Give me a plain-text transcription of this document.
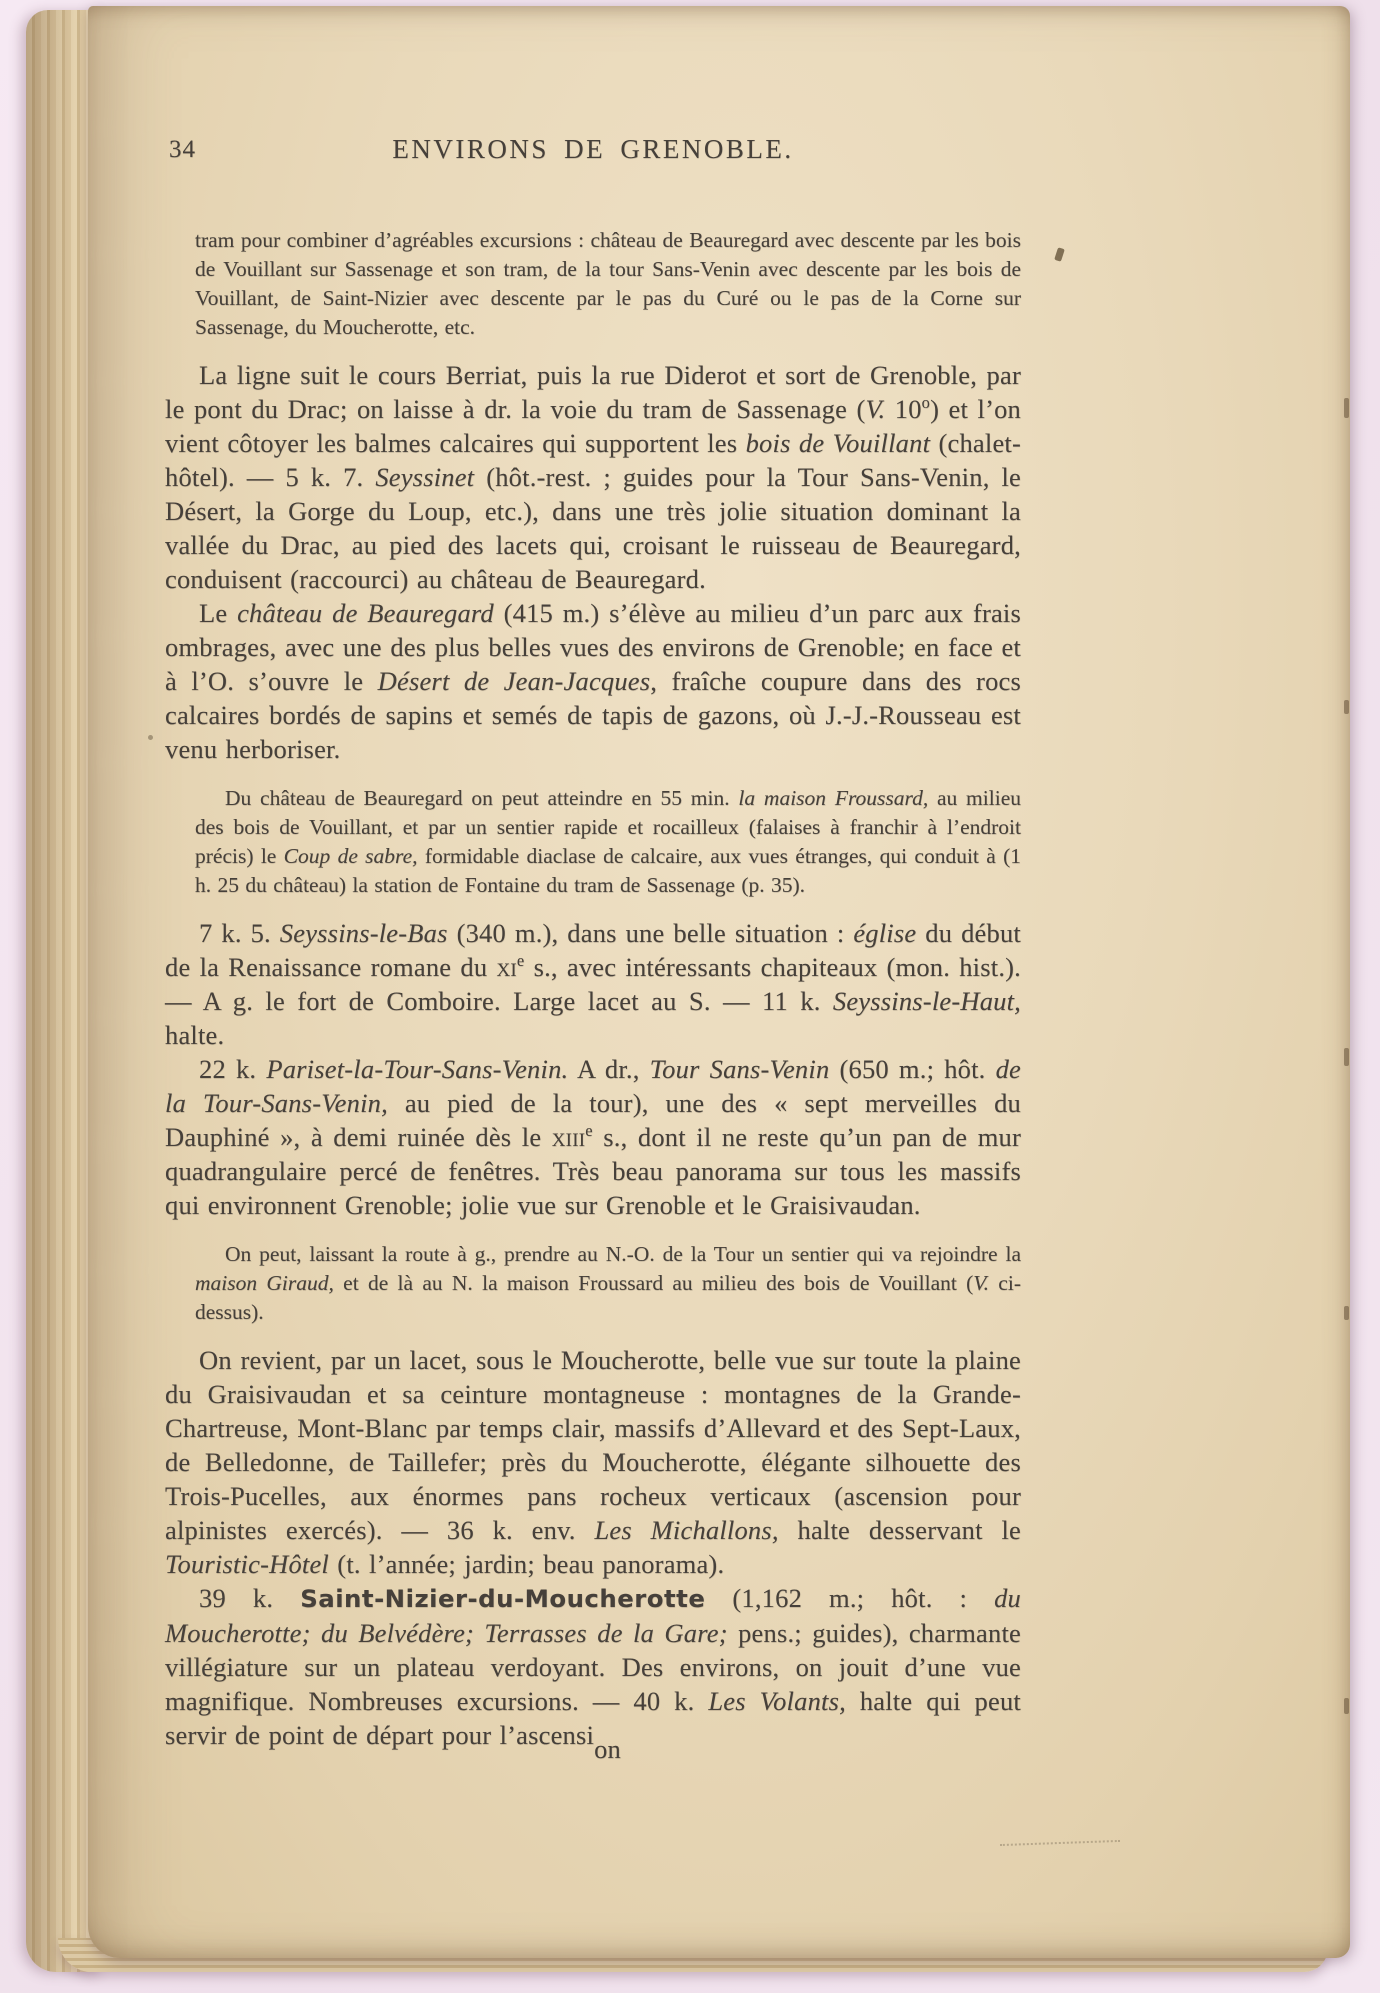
34	ENVIRONS DE GRENOBLE.

tram pour combiner d’agréables excursions : château de Beauregard avec descente par les bois de Vouillant sur Sassenage et son tram, de la tour Sans-Venin avec descente par les bois de Vouillant, de Saint-Nizier avec descente par le pas du Curé ou le pas de la Corne sur Sassenage, du Moucherotte, etc.

La ligne suit le cours Berriat, puis la rue Diderot et sort de Grenoble, par le pont du Drac; on laisse à dr. la voie du tram de Sassenage (V. 10$^o$) et l’on vient côtoyer les balmes calcaires qui supportent les bois de Vouillant (chalet-hôtel). — 5 k. 7. Seyssinet (hôt.-rest. ; guides pour la Tour Sans-Venin, le Désert, la Gorge du Loup, etc.), dans une très jolie situation dominant la vallée du Drac, au pied des lacets qui, croisant le ruisseau de Beauregard, conduisent (raccourci) au château de Beauregard.

Le château de Beauregard (415 m.) s’élève au milieu d’un parc aux frais ombrages, avec une des plus belles vues des environs de Grenoble; en face et à l’O. s’ouvre le Désert de Jean-Jacques, fraîche coupure dans des rocs calcaires bordés de sapins et semés de tapis de gazons, où J.-J.-Rousseau est venu herboriser.

Du château de Beauregard on peut atteindre en 55 min. la maison Froussard, au milieu des bois de Vouillant, et par un sentier rapide et rocailleux (falaises à franchir à l’endroit précis) le Coup de sabre, formidable diaclase de calcaire, aux vues étranges, qui conduit à (1 h. 25 du château) la station de Fontaine du tram de Sassenage (p. 35).

7 k. 5. Seyssins-le-Bas (340 m.), dans une belle situation : église du début de la Renaissance romane du $xi^e$ s., avec intéressants chapiteaux (mon. hist.). — A g. le fort de Comboire. Large lacet au S. — 11 k. Seyssins-le-Haut, halte.

22 k. Pariset-la-Tour-Sans-Venin. A dr., Tour Sans-Venin (650 m.; hôt. de la Tour-Sans-Venin, au pied de la tour), une des « sept merveilles du Dauphiné », à demi ruinée dès le xiii$^e$ s., dont il ne reste qu’un pan de mur quadrangulaire percé de fenêtres. Très beau panorama sur tous les massifs qui environnent Grenoble; jolie vue sur Grenoble et le Graisivaudan.

On peut, laissant la route à g., prendre au N.-O. de la Tour un sentier qui va rejoindre la maison Giraud, et de là au N. la maison Froussard au milieu des bois de Vouillant (V. ci-dessus).

On revient, par un lacet, sous le Moucherotte, belle vue sur toute la plaine du Graisivaudan et sa ceinture montagneuse : montagnes de la Grande-Chartreuse, Mont-Blanc par temps clair, massifs d’Allevard et des Sept-Laux, de Belledonne, de Taillefer; près du Moucherotte, élégante silhouette des Trois-Pucelles, aux énormes pans rocheux verticaux (ascension pour alpinistes exercés). — 36 k. env. Les Michallons, halte desservant le Touristic-Hôtel (t. l’année; jardin; beau panorama).

39 k. Saint-Nizier-du-Moucherotte (1,162 m.; hôt. : du Moucherotte; du Belvédère; Terrasses de la Gare; pens.; guides), charmante villégiature sur un plateau verdoyant. Des environs, on jouit d’une vue magnifique. Nombreuses excursions. — 40 k. Les Volants, halte qui peut servir de point de départ pour l’ascension
